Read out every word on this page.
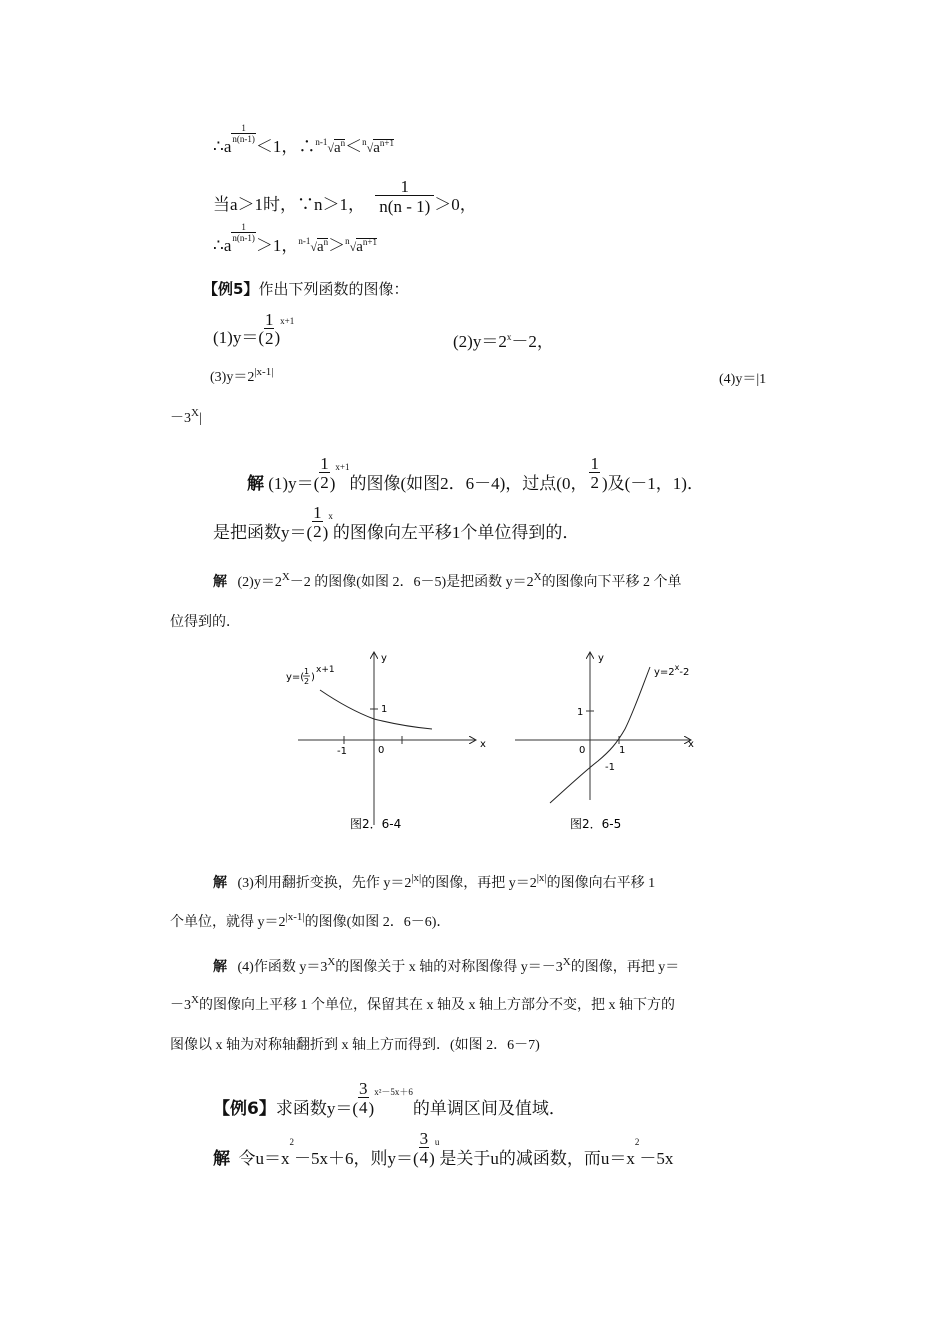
∴a
$\frac{1}{n(n-1)}$
＜1，$\therefore^{n-1}√a^n<^n√a^{n+1}$
当a＞1时，∵n＞1， $\frac{1}{n(n - 1)} >0$，
∴a
$\frac{1}{n(n-1)}$
＞1，$^{n-1}√a^n>^n√a^{n+1}$
【例5】作出下列函数的图像：
$(1)y=( \frac{1}{2} )^{x+1}$
$(2)y=2^x-2$，
$(3)y=2^{|x-1|}$	(4)y＝|1
$-3^X|$
解 $(1)y=( \frac{1}{2} )^{x+1}$的图像(如图2．6－4)，过点(0， $\frac{1}{2}$ )及(－1，1)．
是把函数$y=( \frac{1}{2} )^x$的图像向左平移1个单位得到的．
解 $(2)y=2^X-2$ 的图像(如图 2．6－5)是把函数 $y=2^X$的图像向下平移 2 个单
位得到的．
x
y
-1	0
1
y=(
1
2 )
x+1
图2．6-4
x
y
0	1
1
-1
$y=2^x-2$
图2．6-5
解 (3)利用翻折变换，先作 $y=2^{|x|}$的图像，再把 $y=2^{|x|}$的图像向右平移 1
个单位，就得 $y=2^{|x-1|}$的图像(如图 2．6－6)．
解 (4)作函数 $y=3^X$的图像关于 x 轴的对称图像得 $y=-3^X$的图像，再把 y＝
$-3^X$的图像向上平移 1 个单位，保留其在 x 轴及 x 轴上方部分不变，把 x 轴下方的
图像以 x 轴为对称轴翻折到 x 轴上方而得到．(如图 2．6－7)
【例6】求函数$y=( \frac{3}{4} )^{x^2-5x+6}$的单调区间及值域．
解 令$u=x^2-5x+6$，则$y=( \frac{3}{4} )^u$是关于u的减函数，而$u=x^2-5x$
